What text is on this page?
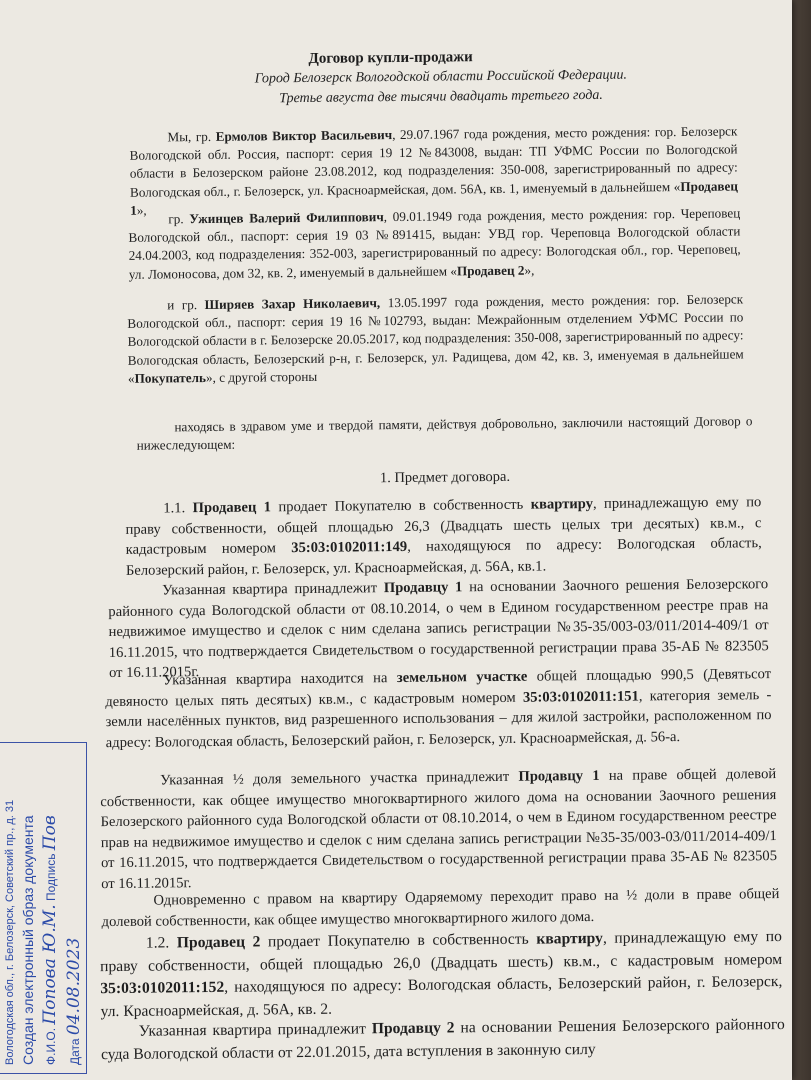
Договор купли-продажи
Город Белозерск Вологодской области Российской Федерации.
Третье августа две тысячи двадцать третьего года.
Мы, гр. Ермолов Виктор Васильевич, 29.07.1967 года рождения, место рождения: гор. Белозерск Вологодской обл. Россия, паспорт: серия 19 12 №843008, выдан: ТП УФМС России по Вологодской области в Белозерском районе 23.08.2012, код подразделения: 350-008, зарегистрированный по адресу: Вологодская обл., г. Белозерск, ул. Красноармейская, дом. 56А, кв. 1, именуемый в дальнейшем «Продавец 1»,
гр. Ужинцев Валерий Филиппович, 09.01.1949 года рождения, место рождения: гор. Череповец Вологодской обл., паспорт: серия 19 03 №891415, выдан: УВД гор. Череповца Вологодской области 24.04.2003, код подразделения: 352-003, зарегистрированный по адресу: Вологодская обл., гор. Череповец, ул. Ломоносова, дом 32, кв. 2, именуемый в дальнейшем «Продавец 2»,
и гр. Ширяев Захар Николаевич, 13.05.1997 года рождения, место рождения: гор. Белозерск Вологодской обл., паспорт: серия 19 16 №102793, выдан: Межрайонным отделением УФМС России по Вологодской области в г. Белозерске 20.05.2017, код подразделения: 350-008, зарегистрированный по адресу: Вологодская область, Белозерский р-н, г. Белозерск, ул. Радищева, дом 42, кв. 3, именуемая в дальнейшем «Покупатель», с другой стороны
находясь в здравом уме и твердой памяти, действуя добровольно, заключили настоящий Договор о нижеследующем:
1. Предмет договора.
1.1. Продавец 1 продает Покупателю в собственность квартиру, принадлежащую ему по праву собственности, общей площадью 26,3 (Двадцать шесть целых три десятых) кв.м., с кадастровым номером 35:03:0102011:149, находящуюся по адресу: Вологодская область, Белозерский район, г. Белозерск, ул. Красноармейская, д. 56А, кв.1.
Указанная квартира принадлежит Продавцу 1 на основании Заочного решения Белозерского районного суда Вологодской области от 08.10.2014, о чем в Едином государственном реестре прав на недвижимое имущество и сделок с ним сделана запись регистрации №35-35/003-03/011/2014-409/1 от 16.11.2015, что подтверждается Свидетельством о государственной регистрации права 35-АБ № 823505 от 16.11.2015г.
Указанная квартира находится на земельном участке общей площадью 990,5 (Девятьсот девяносто целых пять десятых) кв.м., с кадастровым номером 35:03:0102011:151, категория земель - земли населённых пунктов, вид разрешенного использования – для жилой застройки, расположенном по адресу: Вологодская область, Белозерский район, г. Белозерск, ул. Красноармейская, д. 56-а.
Указанная ½ доля земельного участка принадлежит Продавцу 1 на праве общей долевой собственности, как общее имущество многоквартирного жилого дома на основании Заочного решения Белозерского районного суда Вологодской области от 08.10.2014, о чем в Едином государственном реестре прав на недвижимое имущество и сделок с ним сделана запись регистрации №35-35/003-03/011/2014-409/1 от 16.11.2015, что подтверждается Свидетельством о государственной регистрации права 35-АБ № 823505 от 16.11.2015г.
Одновременно с правом на квартиру Одаряемому переходит право на ½ доли в праве общей долевой собственности, как общее имущество многоквартирного жилого дома.
1.2. Продавец 2 продает Покупателю в собственность квартиру, принадлежащую ему по праву собственности, общей площадью 26,0 (Двадцать шесть) кв.м., с кадастровым номером 35:03:0102011:152, находящуюся по адресу: Вологодская область, Белозерский район, г. Белозерск, ул. Красноармейская, д. 56А, кв. 2.
Указанная квартира принадлежит Продавцу 2 на основании Решения Белозерского районного суда Вологодской области от 22.01.2015, дата вступления в законную силу
Вологодская обл., г. Белозерск, Советский пр., д. 31 Создан электронный образ документа Ф.И.О. Попова Ю.М. Подпись Пов
Дата 04.08.2023
